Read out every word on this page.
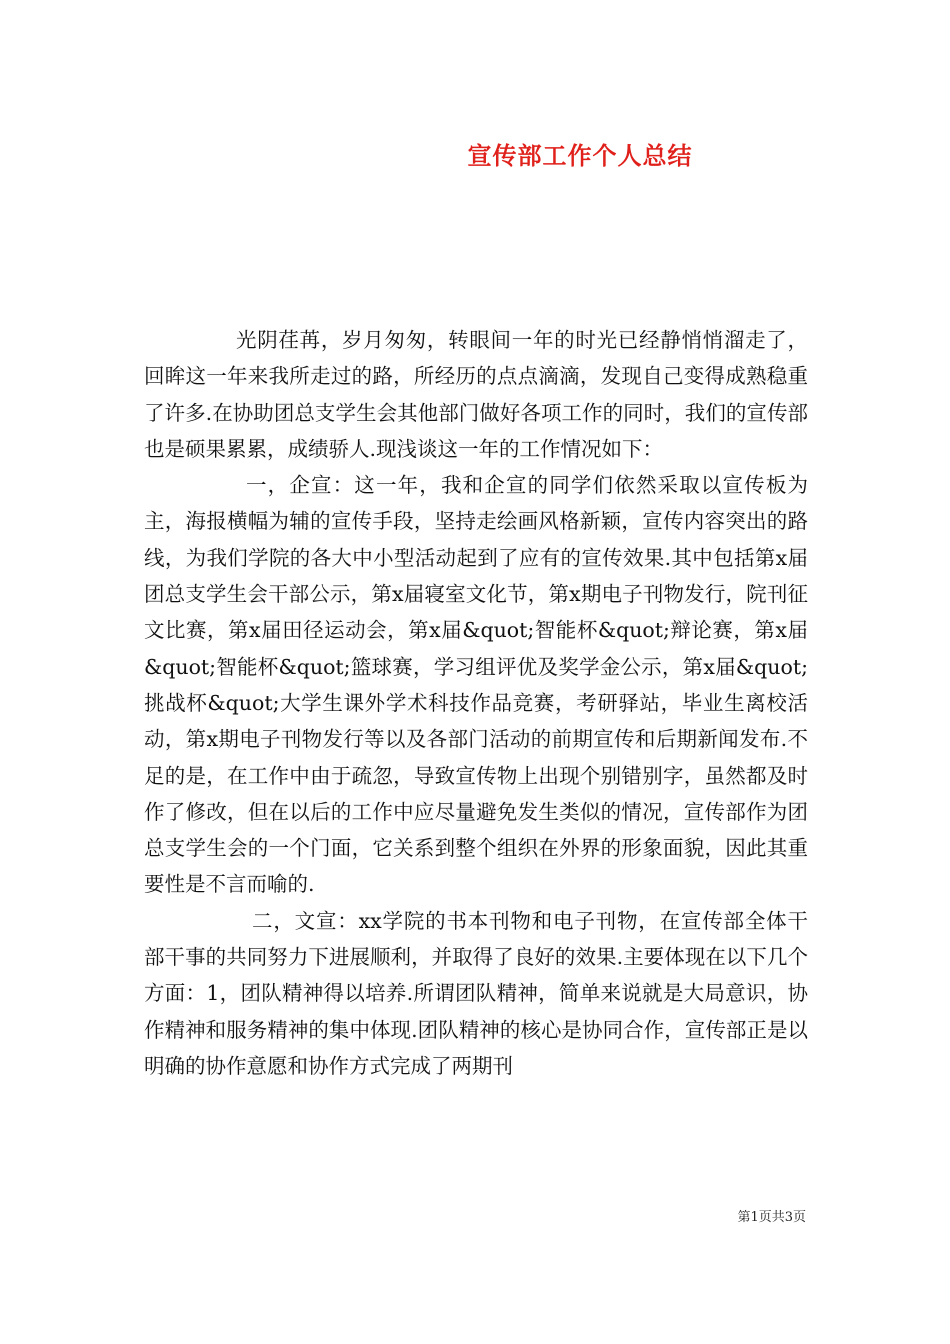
宣传部工作个人总结

光阴荏苒，岁月匆匆，转眼间一年的时光已经静悄悄溜走了，回眸这一年来我所走过的路，所经历的点点滴滴，发现自己变得成熟稳重了许多.在协助团总支学生会其他部门做好各项工作的同时，我们的宣传部也是硕果累累，成绩骄人.现浅谈这一年的工作情况如下：

一，企宣：这一年，我和企宣的同学们依然采取以宣传板为主，海报横幅为辅的宣传手段，坚持走绘画风格新颖，宣传内容突出的路线，为我们学院的各大中小型活动起到了应有的宣传效果.其中包括第x届团总支学生会干部公示，第x届寝室文化节，第x期电子刊物发行，院刊征文比赛，第x届田径运动会，第x届&quot;智能杯&quot;辩论赛，第x届&quot;智能杯&quot;篮球赛，学习组评优及奖学金公示，第x届&quot;挑战杯&quot;大学生课外学术科技作品竞赛，考研驿站，毕业生离校活动，第x期电子刊物发行等以及各部门活动的前期宣传和后期新闻发布.不足的是，在工作中由于疏忽，导致宣传物上出现个别错别字，虽然都及时作了修改，但在以后的工作中应尽量避免发生类似的情况，宣传部作为团总支学生会的一个门面，它关系到整个组织在外界的形象面貌，因此其重要性是不言而喻的.

二，文宣：xx学院的书本刊物和电子刊物，在宣传部全体干部干事的共同努力下进展顺利，并取得了良好的效果.主要体现在以下几个方面：1，团队精神得以培养.所谓团队精神，简单来说就是大局意识，协作精神和服务精神的集中体现.团队精神的核心是协同合作，宣传部正是以明确的协作意愿和协作方式完成了两期刊

第1页共3页
